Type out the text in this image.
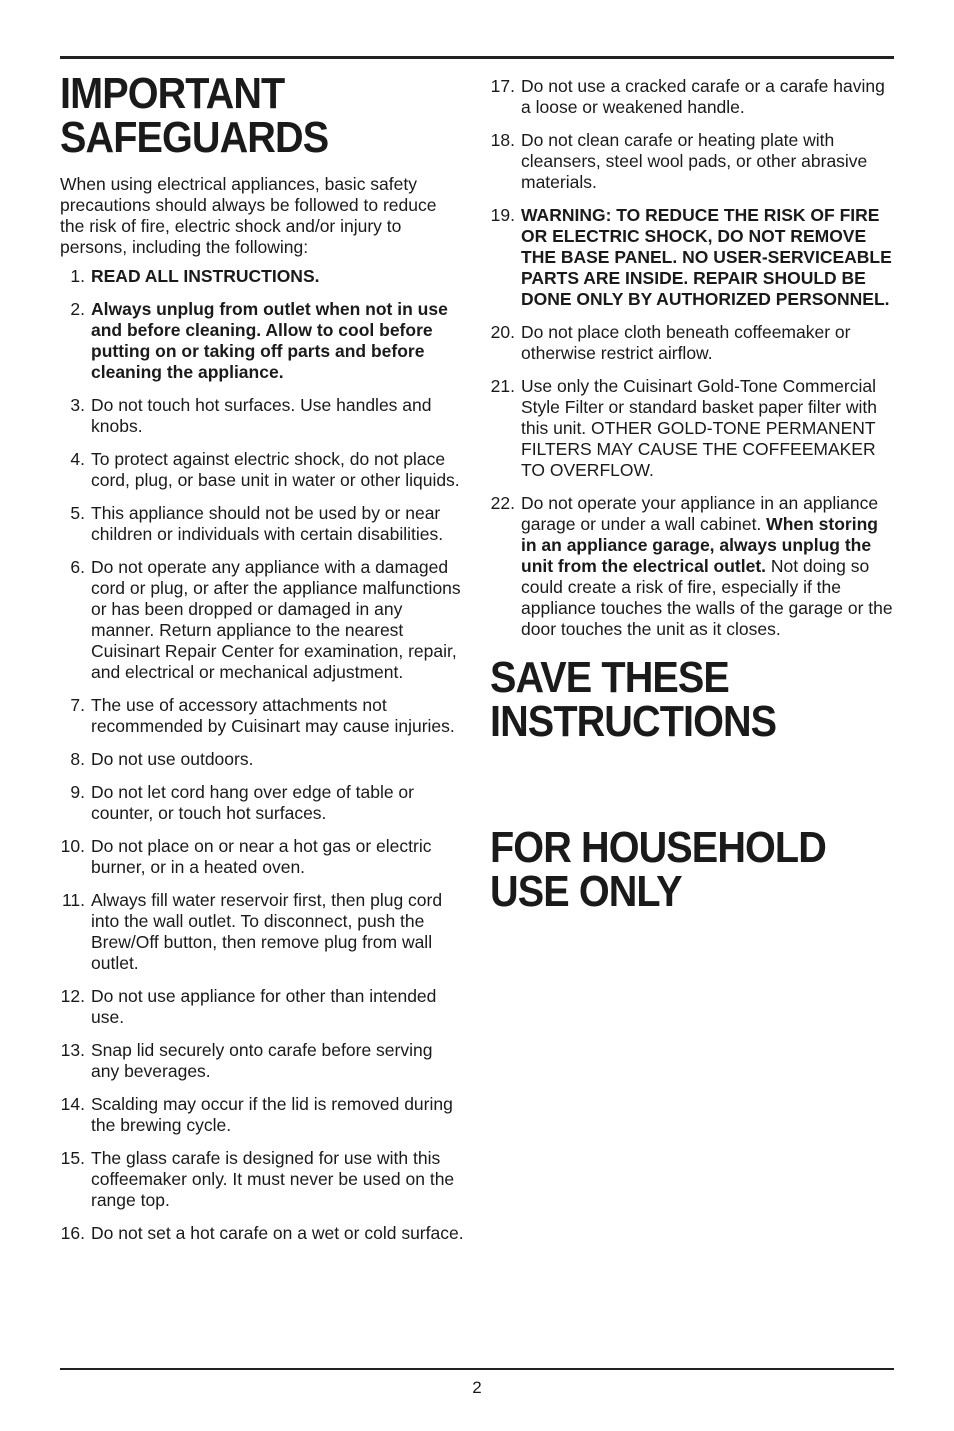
IMPORTANT
SAFEGUARDS

When using electrical appliances, basic safety precautions should always be followed to reduce the risk of fire, electric shock and/or injury to persons, including the following:

1. READ ALL INSTRUCTIONS.
2. Always unplug from outlet when not in use and before cleaning. Allow to cool before putting on or taking off parts and before cleaning the appliance.
3. Do not touch hot surfaces. Use handles and knobs.
4. To protect against electric shock, do not place cord, plug, or base unit in water or other liquids.
5. This appliance should not be used by or near children or individuals with certain disabilities.
6. Do not operate any appliance with a damaged cord or plug, or after the appliance malfunctions or has been dropped or damaged in any manner. Return appliance to the nearest Cuisinart Repair Center for examination, repair, and electrical or mechanical adjustment.
7. The use of accessory attachments not recommended by Cuisinart may cause injuries.
8. Do not use outdoors.
9. Do not let cord hang over edge of table or counter, or touch hot surfaces.
10. Do not place on or near a hot gas or electric burner, or in a heated oven.
11. Always fill water reservoir first, then plug cord into the wall outlet. To disconnect, push the Brew/Off button, then remove plug from wall outlet.
12. Do not use appliance for other than intended use.
13. Snap lid securely onto carafe before serving any beverages.
14. Scalding may occur if the lid is removed during the brewing cycle.
15. The glass carafe is designed for use with this coffeemaker only. It must never be used on the range top.
16. Do not set a hot carafe on a wet or cold surface.
17. Do not use a cracked carafe or a carafe having a loose or weakened handle.
18. Do not clean carafe or heating plate with cleansers, steel wool pads, or other abrasive materials.
19. WARNING: TO REDUCE THE RISK OF FIRE OR ELECTRIC SHOCK, DO NOT REMOVE THE BASE PANEL. NO USER-SERVICEABLE PARTS ARE INSIDE. REPAIR SHOULD BE DONE ONLY BY AUTHORIZED PERSONNEL.
20. Do not place cloth beneath coffeemaker or otherwise restrict airflow.
21. Use only the Cuisinart Gold-Tone Commercial Style Filter or standard basket paper filter with this unit. OTHER GOLD-TONE PERMANENT FILTERS MAY CAUSE THE COFFEEMAKER TO OVERFLOW.
22. Do not operate your appliance in an appliance garage or under a wall cabinet. When storing in an appliance garage, always unplug the unit from the electrical outlet. Not doing so could create a risk of fire, especially if the appliance touches the walls of the garage or the door touches the unit as it closes.
SAVE THESE
INSTRUCTIONS
FOR HOUSEHOLD
USE ONLY
2
